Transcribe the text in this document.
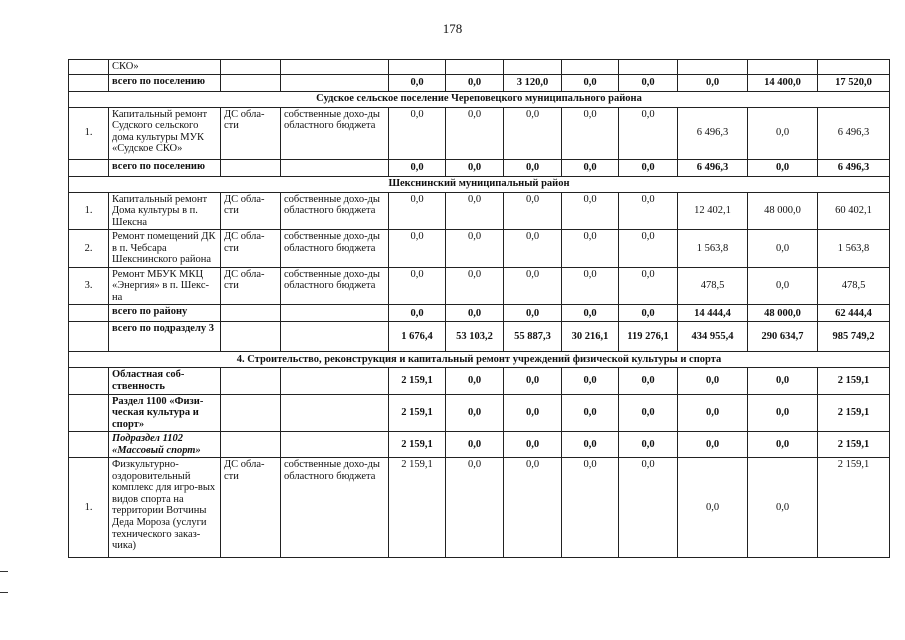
178
	СКО»										
	всего по поселению			0,0	0,0	3 120,0	0,0	0,0	0,0	14 400,0	17 520,0
Судское сельское поселение Череповецкого муниципального района											
1.	Капитальный ремонт Судского сельского дома культуры МУК «Судское СКО»	ДС обла-сти	собственные дохо-ды областного бюджета	0,0	0,0	0,0	0,0	0,0	6 496,3	0,0	6 496,3
	всего по поселению			0,0	0,0	0,0	0,0	0,0	6 496,3	0,0	6 496,3
Шекснинский муниципальный район											
1.	Капитальный ремонт Дома культуры в п. Шексна	ДС обла-сти	собственные дохо-ды областного бюджета	0,0	0,0	0,0	0,0	0,0	12 402,1	48 000,0	60 402,1
2.	Ремонт помещений ДК в п. Чебсара Шекснинского района	ДС обла-сти	собственные дохо-ды областного бюджета	0,0	0,0	0,0	0,0	0,0	1 563,8	0,0	1 563,8
3.	Ремонт МБУК МКЦ «Энергия» в п. Шекс-на	ДС обла-сти	собственные дохо-ды областного бюджета	0,0	0,0	0,0	0,0	0,0	478,5	0,0	478,5
	всего по району			0,0	0,0	0,0	0,0	0,0	14 444,4	48 000,0	62 444,4
	всего по подразделу 3			1 676,4	53 103,2	55 887,3	30 216,1	119 276,1	434 955,4	290 634,7	985 749,2
4. Строительство, реконструкция и капитальный ремонт учреждений физической культуры и спорта											
	Областная соб-ственность			2 159,1	0,0	0,0	0,0	0,0	0,0	0,0	2 159,1
	Раздел 1100 «Физи-ческая культура и спорт»			2 159,1	0,0	0,0	0,0	0,0	0,0	0,0	2 159,1
	Подраздел 1102 «Массовый спорт»			2 159,1	0,0	0,0	0,0	0,0	0,0	0,0	2 159,1
1.	Физкультурно-оздоровительный комплекс для игро-вых видов спорта на территории Вотчины Деда Мороза (услуги технического заказ-чика)	ДС обла-сти	собственные дохо-ды областного бюджета	2 159,1	0,0	0,0	0,0	0,0	0,0	0,0	2 159,1
